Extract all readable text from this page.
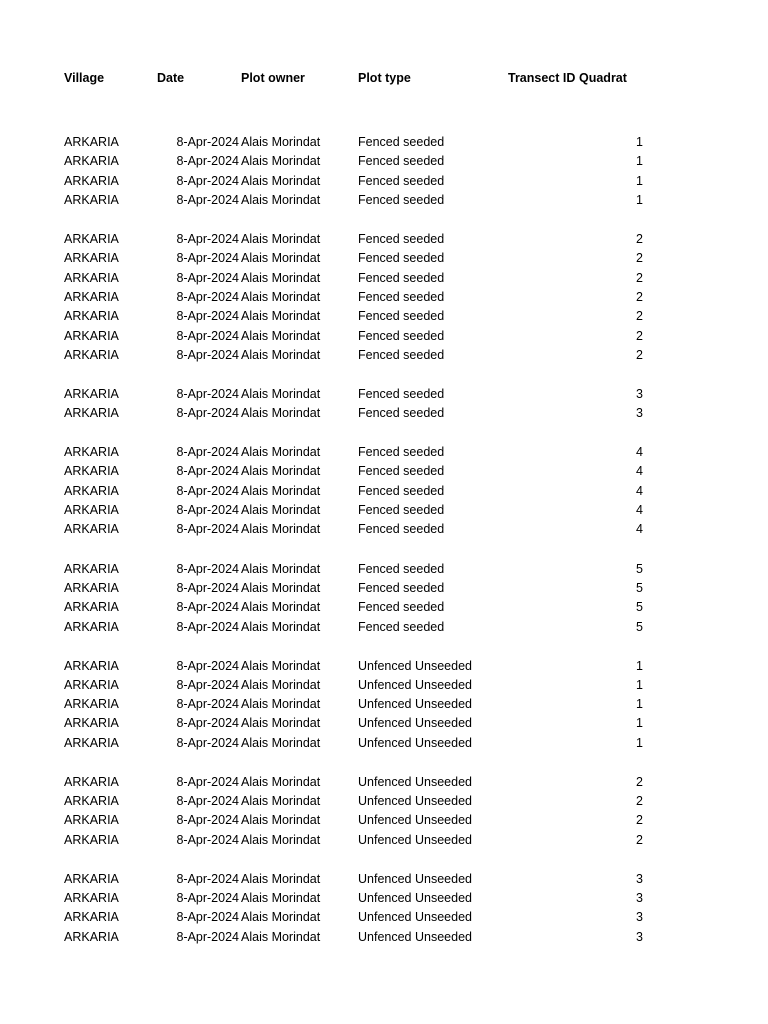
Village	Date	Plot owner	Plot type	Transect ID Quadrat
ARKARIA	8-Apr-2024 Alais Morindat	Fenced seeded	1
ARKARIA	8-Apr-2024 Alais Morindat	Fenced seeded	1
ARKARIA	8-Apr-2024 Alais Morindat	Fenced seeded	1
ARKARIA	8-Apr-2024 Alais Morindat	Fenced seeded	1
ARKARIA	8-Apr-2024 Alais Morindat	Fenced seeded	2
ARKARIA	8-Apr-2024 Alais Morindat	Fenced seeded	2
ARKARIA	8-Apr-2024 Alais Morindat	Fenced seeded	2
ARKARIA	8-Apr-2024 Alais Morindat	Fenced seeded	2
ARKARIA	8-Apr-2024 Alais Morindat	Fenced seeded	2
ARKARIA	8-Apr-2024 Alais Morindat	Fenced seeded	2
ARKARIA	8-Apr-2024 Alais Morindat	Fenced seeded	2
ARKARIA	8-Apr-2024 Alais Morindat	Fenced seeded	3
ARKARIA	8-Apr-2024 Alais Morindat	Fenced seeded	3
ARKARIA	8-Apr-2024 Alais Morindat	Fenced seeded	4
ARKARIA	8-Apr-2024 Alais Morindat	Fenced seeded	4
ARKARIA	8-Apr-2024 Alais Morindat	Fenced seeded	4
ARKARIA	8-Apr-2024 Alais Morindat	Fenced seeded	4
ARKARIA	8-Apr-2024 Alais Morindat	Fenced seeded	4
ARKARIA	8-Apr-2024 Alais Morindat	Fenced seeded	5
ARKARIA	8-Apr-2024 Alais Morindat	Fenced seeded	5
ARKARIA	8-Apr-2024 Alais Morindat	Fenced seeded	5
ARKARIA	8-Apr-2024 Alais Morindat	Fenced seeded	5
ARKARIA	8-Apr-2024 Alais Morindat	Unfenced Unseeded	1
ARKARIA	8-Apr-2024 Alais Morindat	Unfenced Unseeded	1
ARKARIA	8-Apr-2024 Alais Morindat	Unfenced Unseeded	1
ARKARIA	8-Apr-2024 Alais Morindat	Unfenced Unseeded	1
ARKARIA	8-Apr-2024 Alais Morindat	Unfenced Unseeded	1
ARKARIA	8-Apr-2024 Alais Morindat	Unfenced Unseeded	2
ARKARIA	8-Apr-2024 Alais Morindat	Unfenced Unseeded	2
ARKARIA	8-Apr-2024 Alais Morindat	Unfenced Unseeded	2
ARKARIA	8-Apr-2024 Alais Morindat	Unfenced Unseeded	2
ARKARIA	8-Apr-2024 Alais Morindat	Unfenced Unseeded	3
ARKARIA	8-Apr-2024 Alais Morindat	Unfenced Unseeded	3
ARKARIA	8-Apr-2024 Alais Morindat	Unfenced Unseeded	3
ARKARIA	8-Apr-2024 Alais Morindat	Unfenced Unseeded	3
